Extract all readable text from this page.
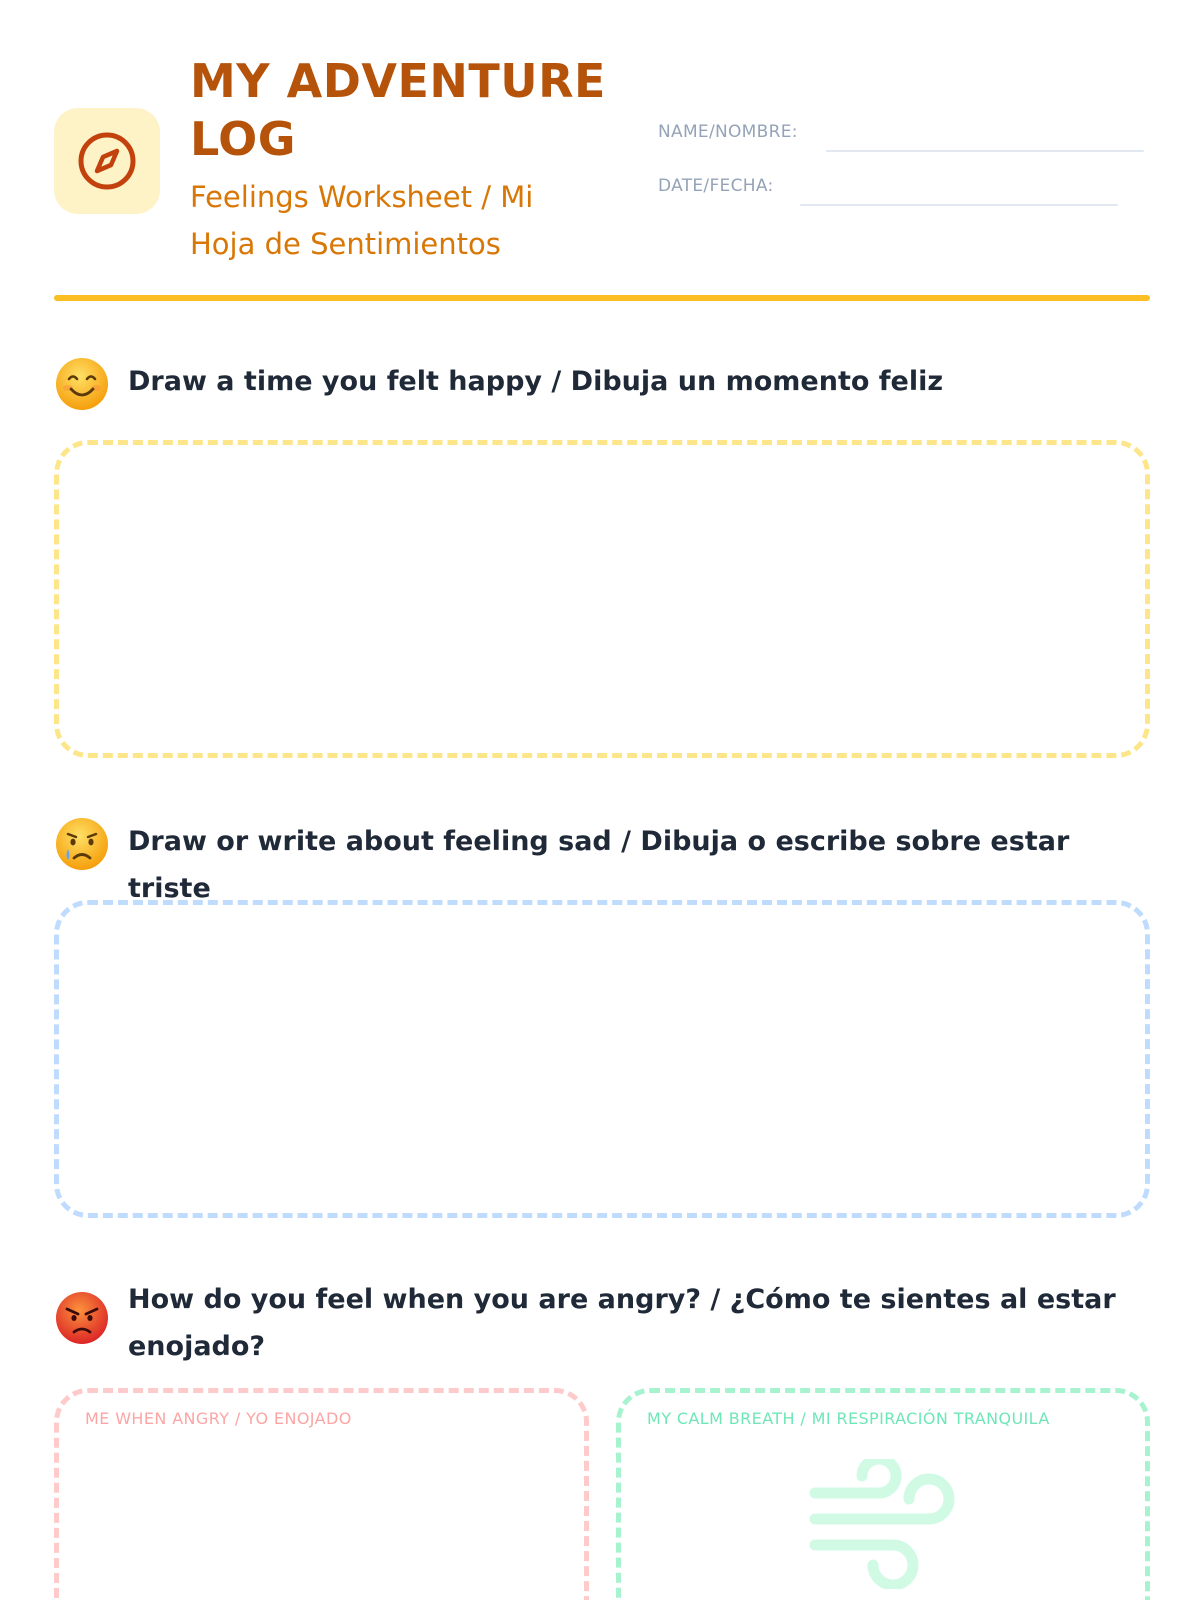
MY ADVENTURE
LOG
Feelings Worksheet / Mi
Hoja de Sentimientos
NAME/NOMBRE:
DATE/FECHA:
Draw a time you felt happy / Dibuja un momento feliz
Draw or write about feeling sad / Dibuja o escribe sobre estar triste
How do you feel when you are angry? / ¿Cómo te sientes al estar
enojado?
ME WHEN ANGRY / YO ENOJADO	MY CALM BREATH / MI RESPIRACIÓN TRANQUILA
